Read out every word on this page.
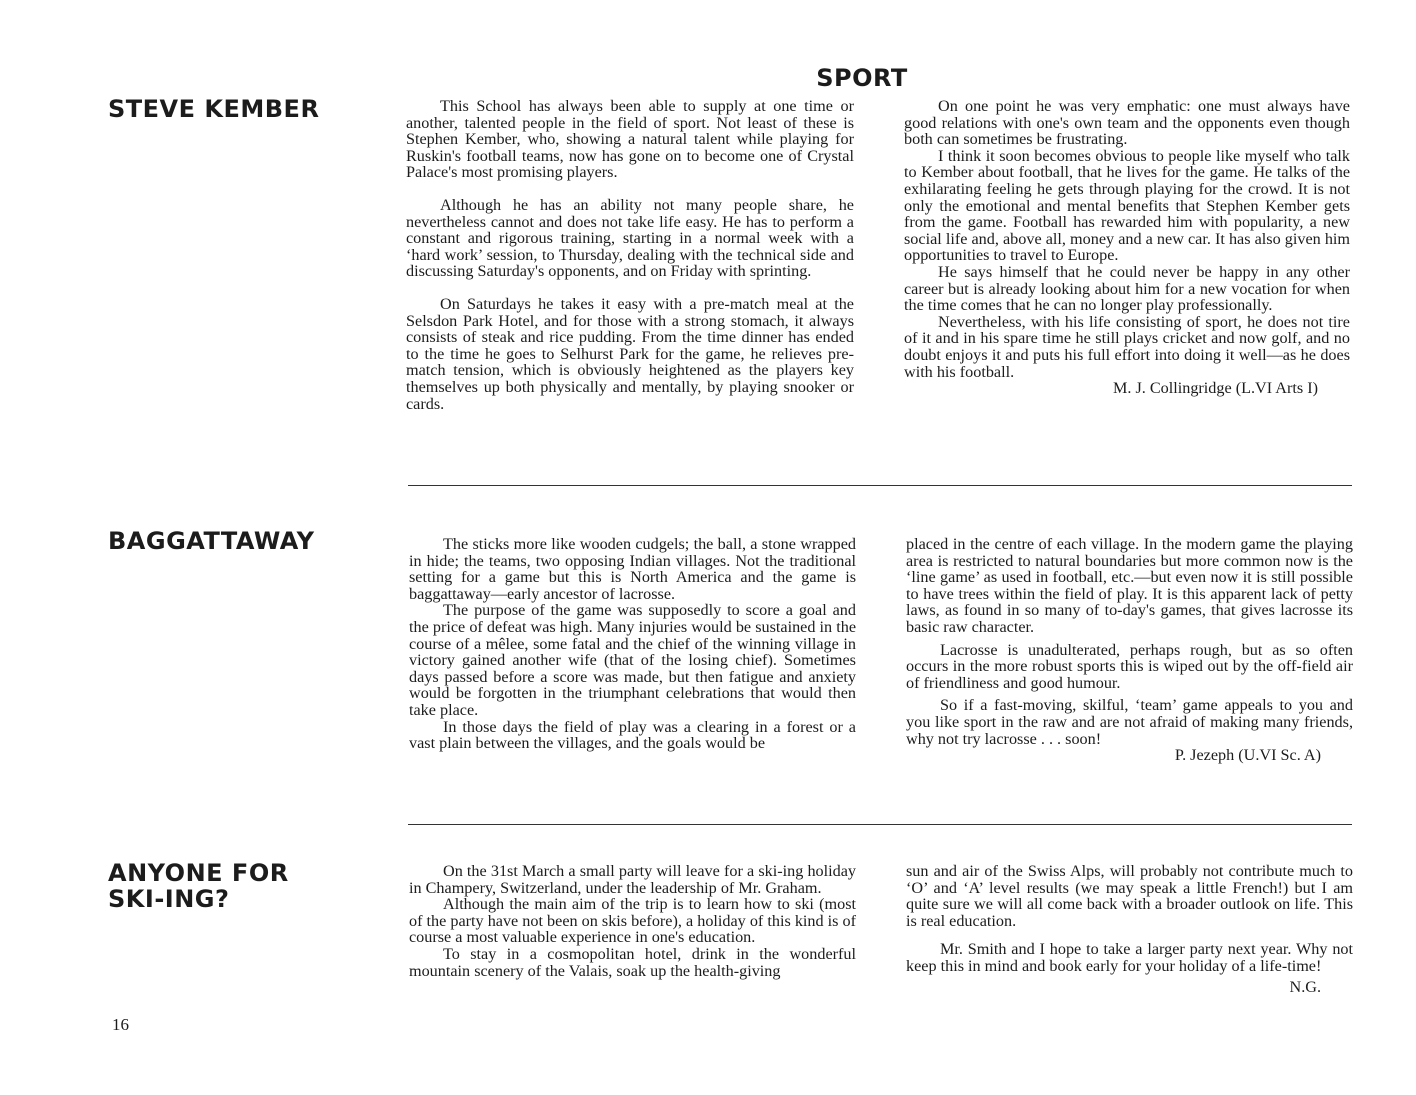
SPORT
STEVE KEMBER	This School has always been able to supply at one time or another, talented people in the field of sport. Not least of these is Stephen Kember, who, showing a natural talent while playing for Ruskin's football teams, now has gone on to become one of Crystal Palace's most promising players.

Although he has an ability not many people share, he nevertheless cannot and does not take life easy. He has to perform a constant and rigorous training, starting in a normal week with a ‘hard work’ session, to Thursday, dealing with the technical side and discussing Saturday's opponents, and on Friday with sprinting.

On Saturdays he takes it easy with a pre-match meal at the Selsdon Park Hotel, and for those with a strong stomach, it always consists of steak and rice pudding. From the time dinner has ended to the time he goes to Selhurst Park for the game, he relieves pre-match tension, which is obviously heightened as the players key themselves up both physically and mentally, by playing snooker or cards.

On one point he was very emphatic: one must always have good relations with one's own team and the opponents even though both can sometimes be frustrating.

I think it soon becomes obvious to people like myself who talk to Kember about football, that he lives for the game. He talks of the exhilarating feeling he gets through playing for the crowd. It is not only the emotional and mental benefits that Stephen Kember gets from the game. Football has rewarded him with popularity, a new social life and, above all, money and a new car. It has also given him opportunities to travel to Europe.

He says himself that he could never be happy in any other career but is already looking about him for a new vocation for when the time comes that he can no longer play professionally.

Nevertheless, with his life consisting of sport, he does not tire of it and in his spare time he still plays cricket and now golf, and no doubt enjoys it and puts his full effort into doing it well—as he does with his football.

M. J. Collingridge (L.VI Arts I)

BAGGATTAWAY	The sticks more like wooden cudgels; the ball, a stone wrapped in hide; the teams, two opposing Indian villages. Not the traditional setting for a game but this is North America and the game is baggattaway—early ancestor of lacrosse.

The purpose of the game was supposedly to score a goal and the price of defeat was high. Many injuries would be sustained in the course of a mêlee, some fatal and the chief of the winning village in victory gained another wife (that of the losing chief). Sometimes days passed before a score was made, but then fatigue and anxiety would be forgotten in the triumphant celebrations that would then take place.

In those days the field of play was a clearing in a forest or a vast plain between the villages, and the goals would be

placed in the centre of each village. In the modern game the playing area is restricted to natural boundaries but more common now is the ‘line game’ as used in football, etc.—but even now it is still possible to have trees within the field of play. It is this apparent lack of petty laws, as found in so many of to-day's games, that gives lacrosse its basic raw character.

Lacrosse is unadulterated, perhaps rough, but as so often occurs in the more robust sports this is wiped out by the off-field air of friendliness and good humour.

So if a fast-moving, skilful, ‘team’ game appeals to you and you like sport in the raw and are not afraid of making many friends, why not try lacrosse . . . soon!

P. Jezeph (U.VI Sc. A)

ANYONE FOR
SKI-ING?

On the 31st March a small party will leave for a ski-ing holiday in Champery, Switzerland, under the leadership of Mr. Graham.

Although the main aim of the trip is to learn how to ski (most of the party have not been on skis before), a holiday of this kind is of course a most valuable experience in one's education.

To stay in a cosmopolitan hotel, drink in the wonderful mountain scenery of the Valais, soak up the health-giving

sun and air of the Swiss Alps, will probably not contribute much to ‘O’ and ‘A’ level results (we may speak a little French!) but I am quite sure we will all come back with a broader outlook on life. This is real education.

Mr. Smith and I hope to take a larger party next year. Why not keep this in mind and book early for your holiday of a life-time!

N.G.

16
